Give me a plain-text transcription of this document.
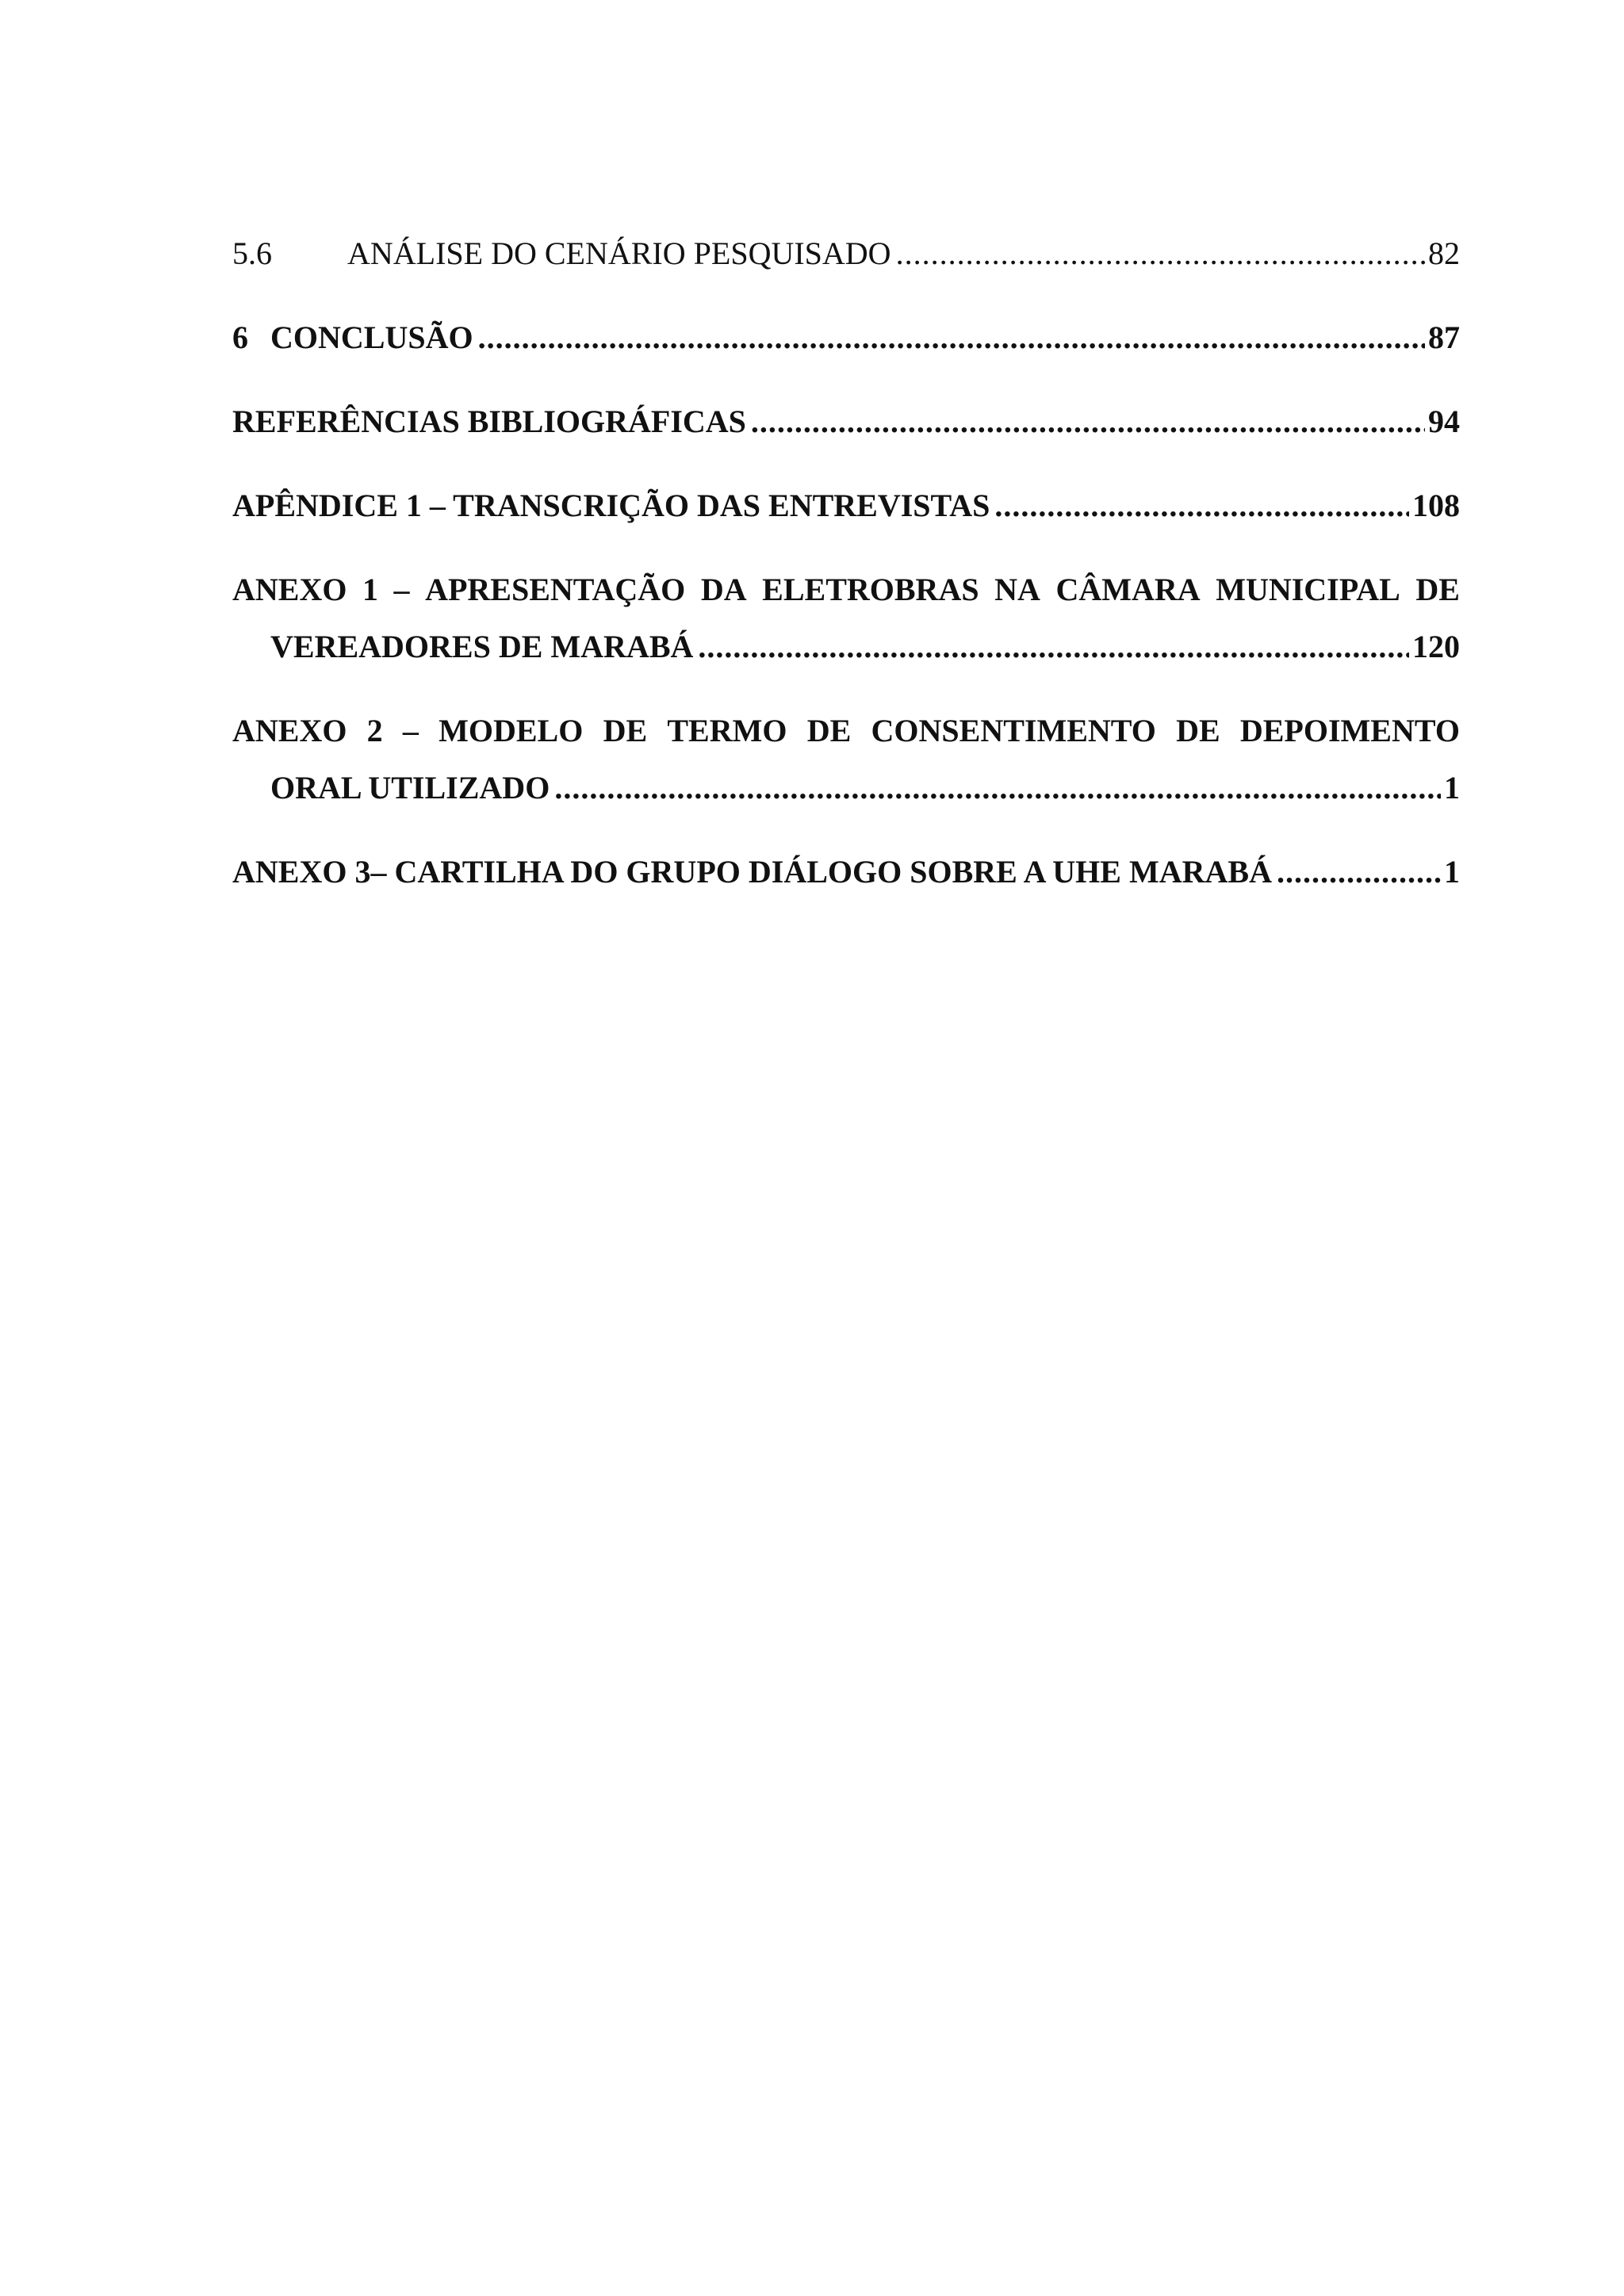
5.6	ANÁLISE DO CENÁRIO PESQUISADO .....	82
6 CONCLUSÃO .....	87
REFERÊNCIAS BIBLIOGRÁFICAS .....	94
APÊNDICE 1 – TRANSCRIÇÃO DAS ENTREVISTAS .....	108
ANEXO 1 – APRESENTAÇÃO DA ELETROBRAS NA CÂMARA MUNICIPAL DE
VEREADORES DE MARABÁ .....	120
ANEXO 2 – MODELO DE TERMO DE CONSENTIMENTO DE DEPOIMENTO
ORAL UTILIZADO .....	1
ANEXO 3– CARTILHA DO GRUPO DIÁLOGO SOBRE A UHE MARABÁ .....	1
